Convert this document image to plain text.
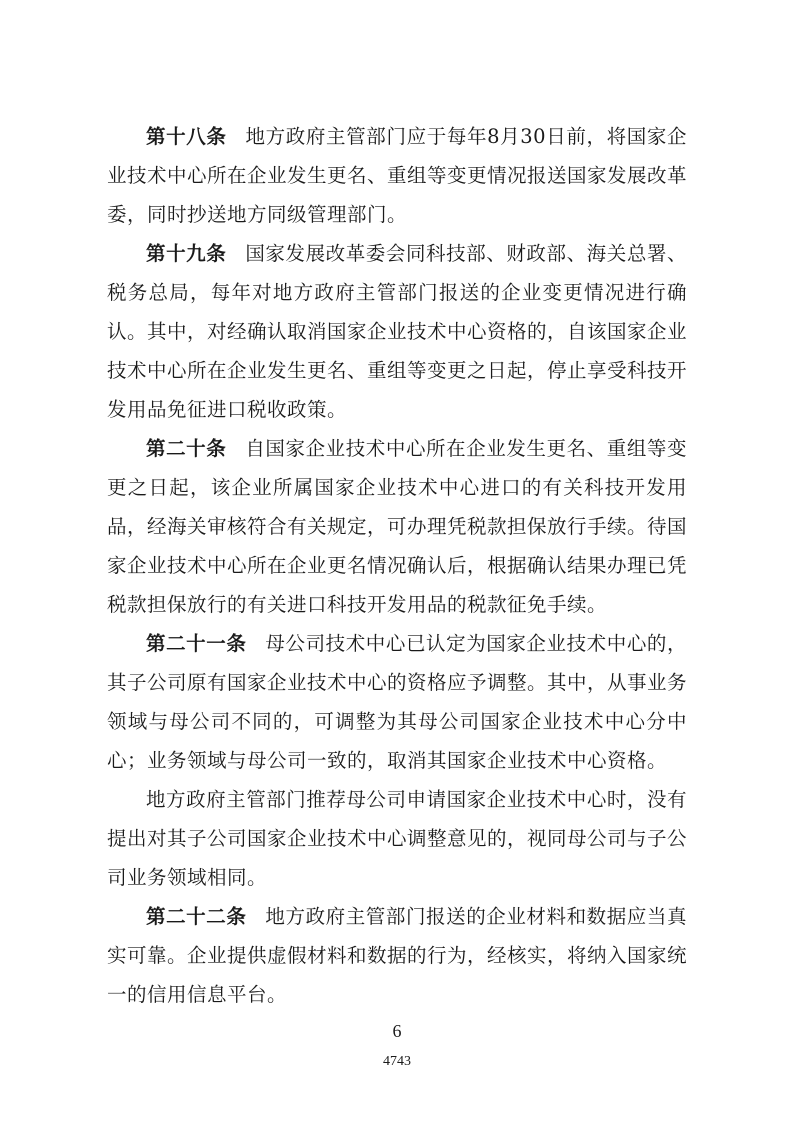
第十八条 地方政府主管部门应于每年8月30日前，将国家企业技术中心所在企业发生更名、重组等变更情况报送国家发展改革委，同时抄送地方同级管理部门。

第十九条 国家发展改革委会同科技部、财政部、海关总署、税务总局，每年对地方政府主管部门报送的企业变更情况进行确认。其中，对经确认取消国家企业技术中心资格的，自该国家企业技术中心所在企业发生更名、重组等变更之日起，停止享受科技开发用品免征进口税收政策。

第二十条 自国家企业技术中心所在企业发生更名、重组等变更之日起，该企业所属国家企业技术中心进口的有关科技开发用品，经海关审核符合有关规定，可办理凭税款担保放行手续。待国家企业技术中心所在企业更名情况确认后，根据确认结果办理已凭税款担保放行的有关进口科技开发用品的税款征免手续。

第二十一条 母公司技术中心已认定为国家企业技术中心的，其子公司原有国家企业技术中心的资格应予调整。其中，从事业务领域与母公司不同的，可调整为其母公司国家企业技术中心分中心；业务领域与母公司一致的，取消其国家企业技术中心资格。

地方政府主管部门推荐母公司申请国家企业技术中心时，没有提出对其子公司国家企业技术中心调整意见的，视同母公司与子公司业务领域相同。

第二十二条 地方政府主管部门报送的企业材料和数据应当真实可靠。企业提供虚假材料和数据的行为，经核实，将纳入国家统一的信用信息平台。

6
4743
